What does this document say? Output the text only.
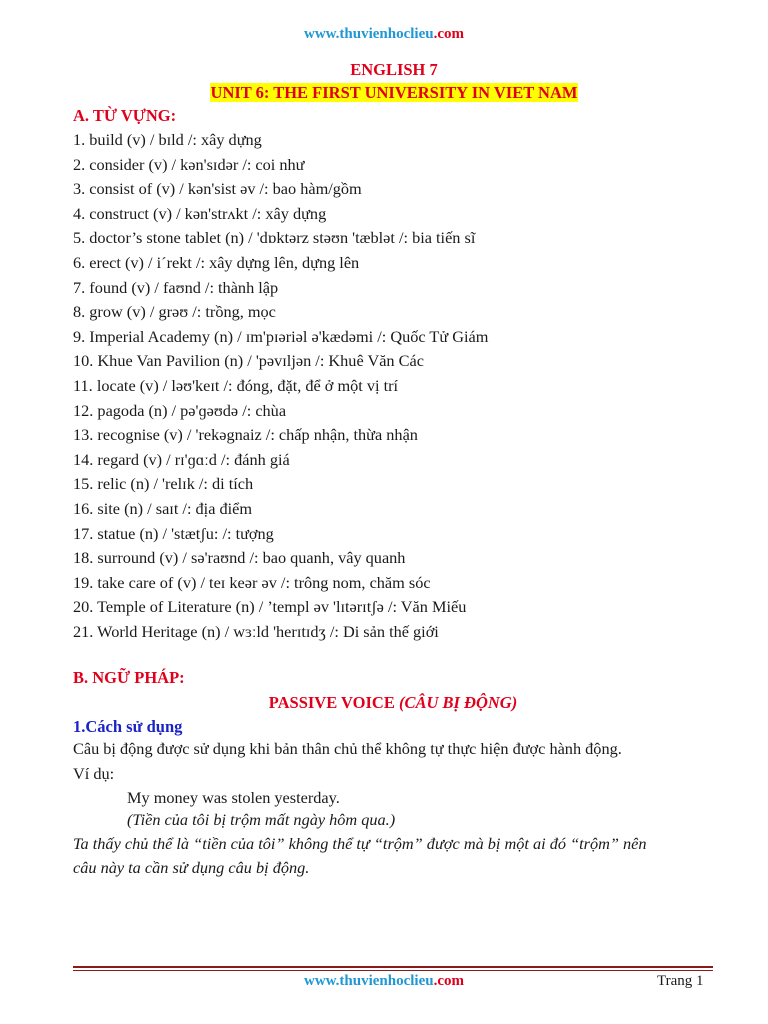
www.thuvienhoclieu.com
ENGLISH 7
UNIT 6: THE FIRST UNIVERSITY IN VIET NAM
A. TỪ VỰNG:
1. build (v) / bɪld /: xây dựng
2. consider (v) / kən'sɪdər /: coi như
3. consist of (v) / kən'sist əv /: bao hàm/gồm
4. construct (v) / kən'strʌkt /: xây dựng
5. doctor’s stone tablet (n) / 'dɒktərz stəʊn 'tæblət /: bia tiến sĩ
6. erect (v) / i´rekt /: xây dựng lên, dựng lên
7. found (v) / faʊnd /: thành lập
8. grow (v) / grəʊ /: trồng, mọc
9. Imperial Academy (n) / ɪm'pɪəriəl ə'kædəmi /: Quốc Tử Giám
10. Khue Van Pavilion (n) / 'pəvɪljən /: Khuê Văn Các
11. locate (v) / ləʊ'keɪt /: đóng, đặt, để ở một vị trí
12. pagoda (n) / pə'ɡəʊdə /: chùa
13. recognise (v) / 'rekəgnaiz /: chấp nhận, thừa nhận
14. regard (v) / rɪ'ɡɑːd /: đánh giá
15. relic (n) / 'relɪk /: di tích
16. site (n) / saɪt /: địa điểm
17. statue (n) / 'stætʃu: /: tượng
18. surround (v) / sə'raʊnd /: bao quanh, vây quanh
19. take care of (v) / teɪ keər əv /: trông nom, chăm sóc
20. Temple of Literature (n) / ’templ əv 'lɪtərɪtʃə /: Văn Miếu
21. World Heritage (n) / wɜːld 'herɪtɪdʒ /: Di sản thế giới
B. NGỮ PHÁP:
PASSIVE VOICE (CÂU BỊ ĐỘNG)
1.Cách sử dụng
Câu bị động được sử dụng khi bản thân chủ thể không tự thực hiện được hành động.
Ví dụ:
My money was stolen yesterday.
(Tiền của tôi bị trộm mất ngày hôm qua.)
Ta thấy chủ thể là “tiền của tôi” không thể tự “trộm” được mà bị một ai đó “trộm” nên
câu này ta cần sử dụng câu bị động.
www.thuvienhoclieu.com	Trang 1
